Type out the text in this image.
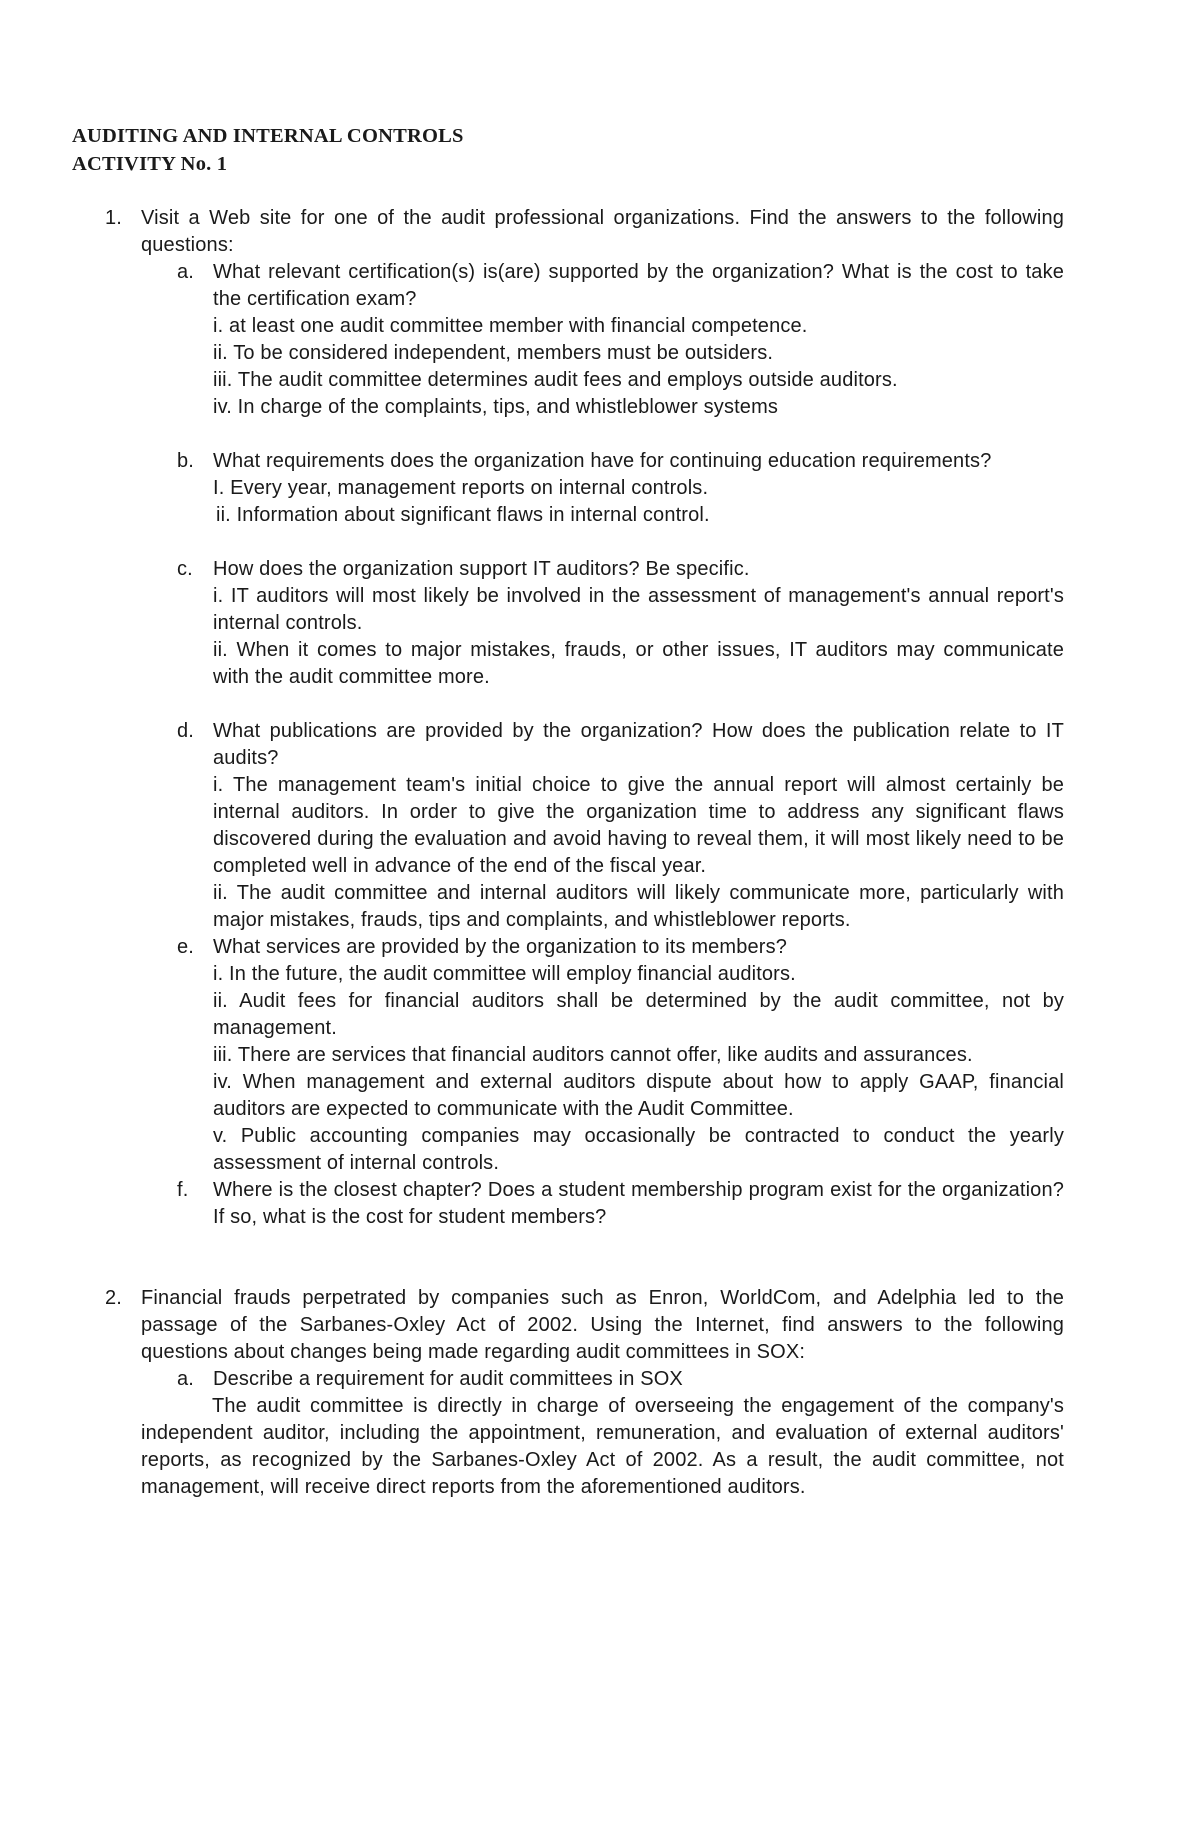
AUDITING AND INTERNAL CONTROLS
ACTIVITY No. 1
1. Visit a Web site for one of the audit professional organizations. Find the answers to the following questions:
a. What relevant certification(s) is(are) supported by the organization? What is the cost to take the certification exam?
i. at least one audit committee member with financial competence.
ii. To be considered independent, members must be outsiders.
iii. The audit committee determines audit fees and employs outside auditors.
iv. In charge of the complaints, tips, and whistleblower systems
b. What requirements does the organization have for continuing education requirements?
I. Every year, management reports on internal controls.
ii. Information about significant flaws in internal control.
c. How does the organization support IT auditors? Be specific.
i. IT auditors will most likely be involved in the assessment of management's annual report's internal controls.
ii. When it comes to major mistakes, frauds, or other issues, IT auditors may communicate with the audit committee more.
d. What publications are provided by the organization? How does the publication relate to IT audits?
i. The management team's initial choice to give the annual report will almost certainly be internal auditors. In order to give the organization time to address any significant flaws discovered during the evaluation and avoid having to reveal them, it will most likely need to be completed well in advance of the end of the fiscal year.
ii. The audit committee and internal auditors will likely communicate more, particularly with major mistakes, frauds, tips and complaints, and whistleblower reports.
e. What services are provided by the organization to its members?
i. In the future, the audit committee will employ financial auditors.
ii. Audit fees for financial auditors shall be determined by the audit committee, not by management.
iii. There are services that financial auditors cannot offer, like audits and assurances.
iv. When management and external auditors dispute about how to apply GAAP, financial auditors are expected to communicate with the Audit Committee.
v. Public accounting companies may occasionally be contracted to conduct the yearly assessment of internal controls.
f. Where is the closest chapter? Does a student membership program exist for the organization? If so, what is the cost for student members?
2. Financial frauds perpetrated by companies such as Enron, WorldCom, and Adelphia led to the passage of the Sarbanes-Oxley Act of 2002. Using the Internet, find answers to the following questions about changes being made regarding audit committees in SOX:
a. Describe a requirement for audit committees in SOX
The audit committee is directly in charge of overseeing the engagement of the company's independent auditor, including the appointment, remuneration, and evaluation of external auditors' reports, as recognized by the Sarbanes-Oxley Act of 2002. As a result, the audit committee, not management, will receive direct reports from the aforementioned auditors.
